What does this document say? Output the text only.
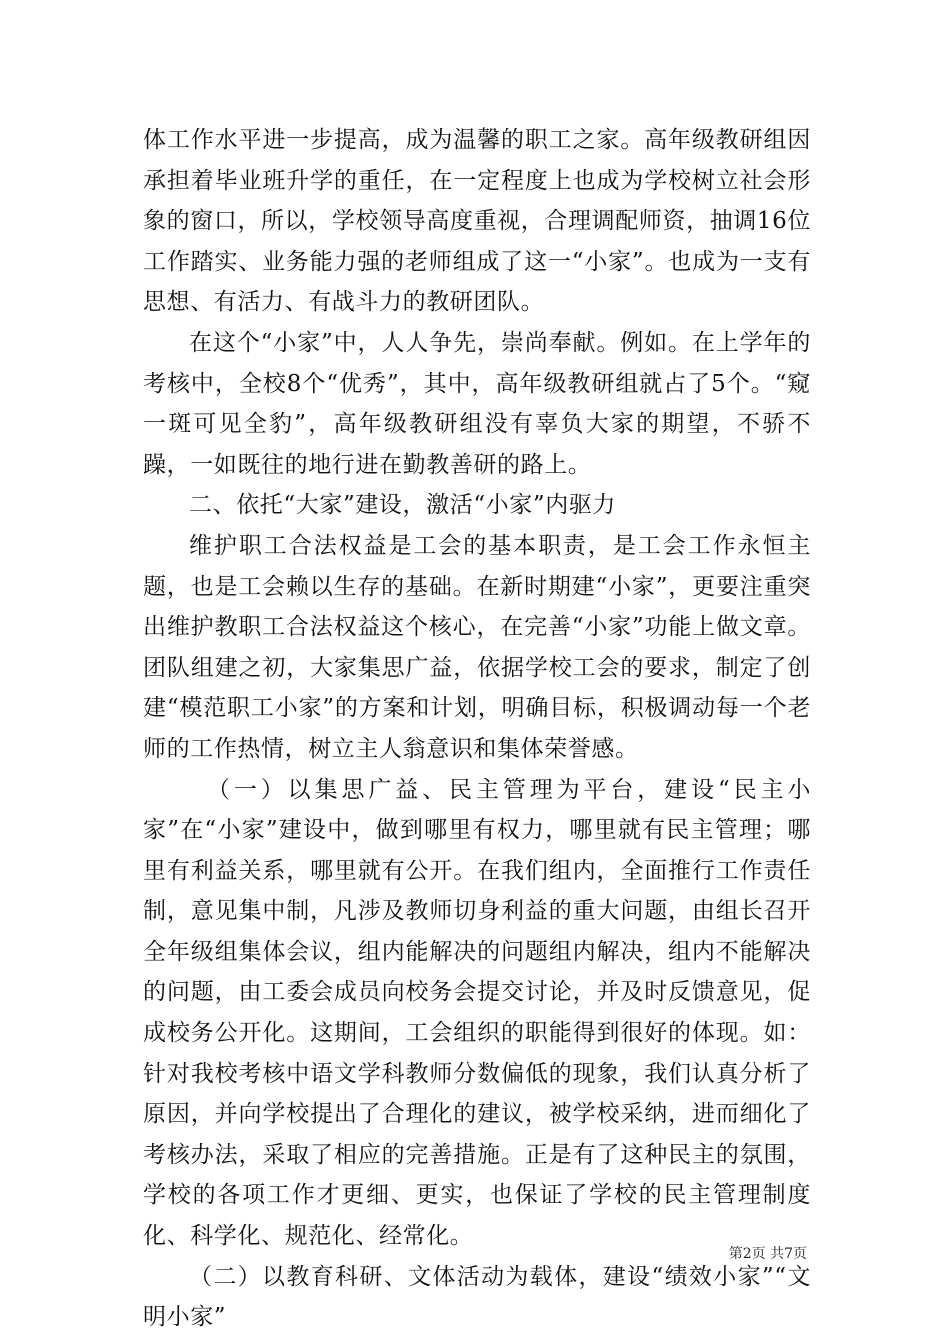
体工作水平进一步提高，成为温馨的职工之家。高年级教研组因承担着毕业班升学的重任，在一定程度上也成为学校树立社会形象的窗口，所以，学校领导高度重视，合理调配师资，抽调16位工作踏实、业务能力强的老师组成了这一“小家”。也成为一支有思想、有活力、有战斗力的教研团队。

在这个“小家”中，人人争先，崇尚奉献。例如。在上学年的考核中，全校8个“优秀”，其中，高年级教研组就占了5个。“窥一斑可见全豹”，高年级教研组没有辜负大家的期望，不骄不躁，一如既往的地行进在勤教善研的路上。

二、依托“大家”建设，激活“小家”内驱力

维护职工合法权益是工会的基本职责，是工会工作永恒主题，也是工会赖以生存的基础。在新时期建“小家”，更要注重突出维护教职工合法权益这个核心，在完善“小家”功能上做文章。团队组建之初，大家集思广益，依据学校工会的要求，制定了创建“模范职工小家”的方案和计划，明确目标，积极调动每一个老师的工作热情，树立主人翁意识和集体荣誉感。

（一）以集思广益、民主管理为平台，建设“民主小家”在“小家”建设中，做到哪里有权力，哪里就有民主管理；哪里有利益关系，哪里就有公开。在我们组内，全面推行工作责任制，意见集中制，凡涉及教师切身利益的重大问题，由组长召开全年级组集体会议，组内能解决的问题组内解决，组内不能解决的问题，由工委会成员向校务会提交讨论，并及时反馈意见，促成校务公开化。这期间，工会组织的职能得到很好的体现。如：针对我校考核中语文学科教师分数偏低的现象，我们认真分析了原因，并向学校提出了合理化的建议，被学校采纳，进而细化了考核办法，采取了相应的完善措施。正是有了这种民主的氛围，学校的各项工作才更细、更实，也保证了学校的民主管理制度化、科学化、规范化、经常化。

（二）以教育科研、文体活动为载体，建设“绩效小家”“文明小家”

第2页 共7页
